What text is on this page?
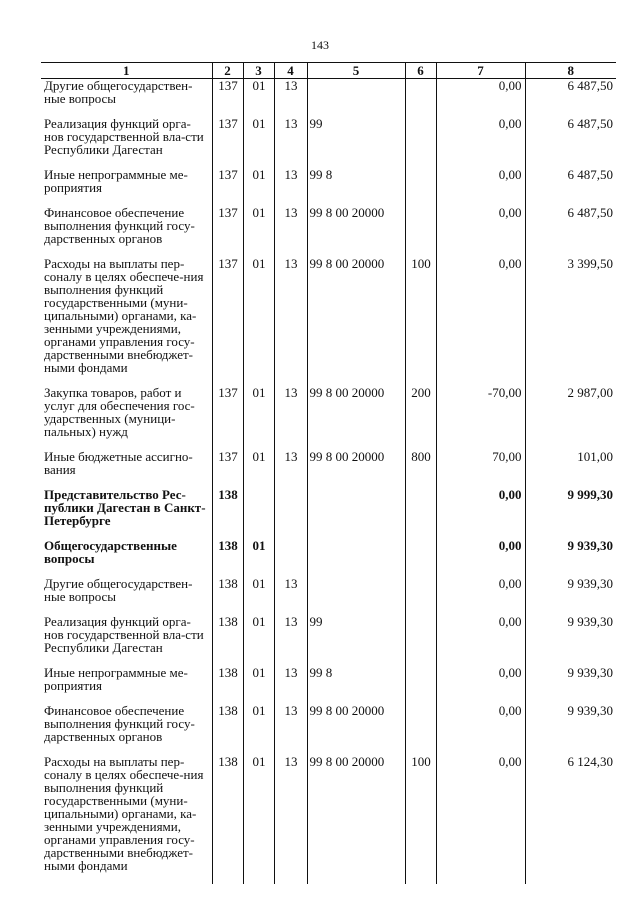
143
1	2	3	4	5	6	7	8
Другие общегосударствен-ные вопросы	137	01	13			0,00	6 487,50
Реализация функций орга-нов государственной вла-сти Республики Дагестан	137	01	13	99		0,00	6 487,50
Иные непрограммные ме-роприятия	137	01	13	99 8		0,00	6 487,50
Финансовое обеспечение выполнения функций госу-дарственных органов	137	01	13	99 8 00 20000		0,00	6 487,50
Расходы на выплаты пер-соналу в целях обеспече-ния выполнения функций государственными (муни-ципальными) органами, ка-зенными учреждениями, органами управления госу-дарственными внебюджет-ными фондами	137	01	13	99 8 00 20000	100	0,00	3 399,50
Закупка товаров, работ и услуг для обеспечения гос-ударственных (муници-пальных) нужд	137	01	13	99 8 00 20000	200	-70,00	2 987,00
Иные бюджетные ассигно-вания	137	01	13	99 8 00 20000	800	70,00	101,00
Представительство Рес-публики Дагестан в Санкт-Петербурге	138					0,00	9 999,30
Общегосударственные вопросы	138	01				0,00	9 939,30
Другие общегосударствен-ные вопросы	138	01	13			0,00	9 939,30
Реализация функций орга-нов государственной вла-сти Республики Дагестан	138	01	13	99		0,00	9 939,30
Иные непрограммные ме-роприятия	138	01	13	99 8		0,00	9 939,30
Финансовое обеспечение выполнения функций госу-дарственных органов	138	01	13	99 8 00 20000		0,00	9 939,30
Расходы на выплаты пер-соналу в целях обеспече-ния выполнения функций государственными (муни-ципальными) органами, ка-зенными учреждениями, органами управления госу-дарственными внебюджет-ными фондами	138	01	13	99 8 00 20000	100	0,00	6 124,30
